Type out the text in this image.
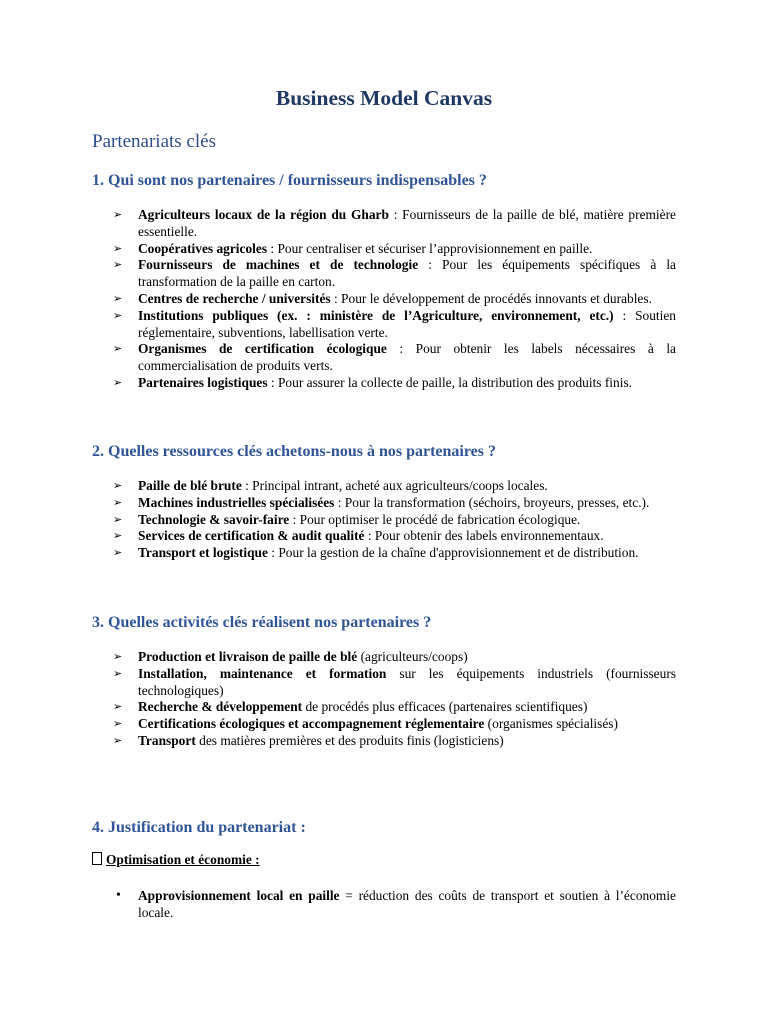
Business Model Canvas
Partenariats clés
1. Qui sont nos partenaires / fournisseurs indispensables ?
➢ Agriculteurs locaux de la région du Gharb : Fournisseurs de la paille de blé, matière première essentielle.
➢ Coopératives agricoles : Pour centraliser et sécuriser l’approvisionnement en paille.
➢ Fournisseurs de machines et de technologie : Pour les équipements spécifiques à la transformation de la paille en carton.
➢ Centres de recherche / universités : Pour le développement de procédés innovants et durables.
➢ Institutions publiques (ex. : ministère de l’Agriculture, environnement, etc.) : Soutien réglementaire, subventions, labellisation verte.
➢ Organismes de certification écologique : Pour obtenir les labels nécessaires à la commercialisation de produits verts.
➢ Partenaires logistiques : Pour assurer la collecte de paille, la distribution des produits finis.
2. Quelles ressources clés achetons-nous à nos partenaires ?
➢ Paille de blé brute : Principal intrant, acheté aux agriculteurs/coops locales.
➢ Machines industrielles spécialisées : Pour la transformation (séchoirs, broyeurs, presses, etc.).
➢ Technologie & savoir-faire : Pour optimiser le procédé de fabrication écologique.
➢ Services de certification & audit qualité : Pour obtenir des labels environnementaux.
➢ Transport et logistique : Pour la gestion de la chaîne d'approvisionnement et de distribution.
3. Quelles activités clés réalisent nos partenaires ?
➢ Production et livraison de paille de blé (agriculteurs/coops)
➢ Installation, maintenance et formation sur les équipements industriels (fournisseurs technologiques)
➢ Recherche & développement de procédés plus efficaces (partenaires scientifiques)
➢ Certifications écologiques et accompagnement réglementaire (organismes spécialisés)
➢ Transport des matières premières et des produits finis (logisticiens)
4. Justification du partenariat :

Optimisation et économie :

• Approvisionnement local en paille = réduction des coûts de transport et soutien à l’économie locale.
